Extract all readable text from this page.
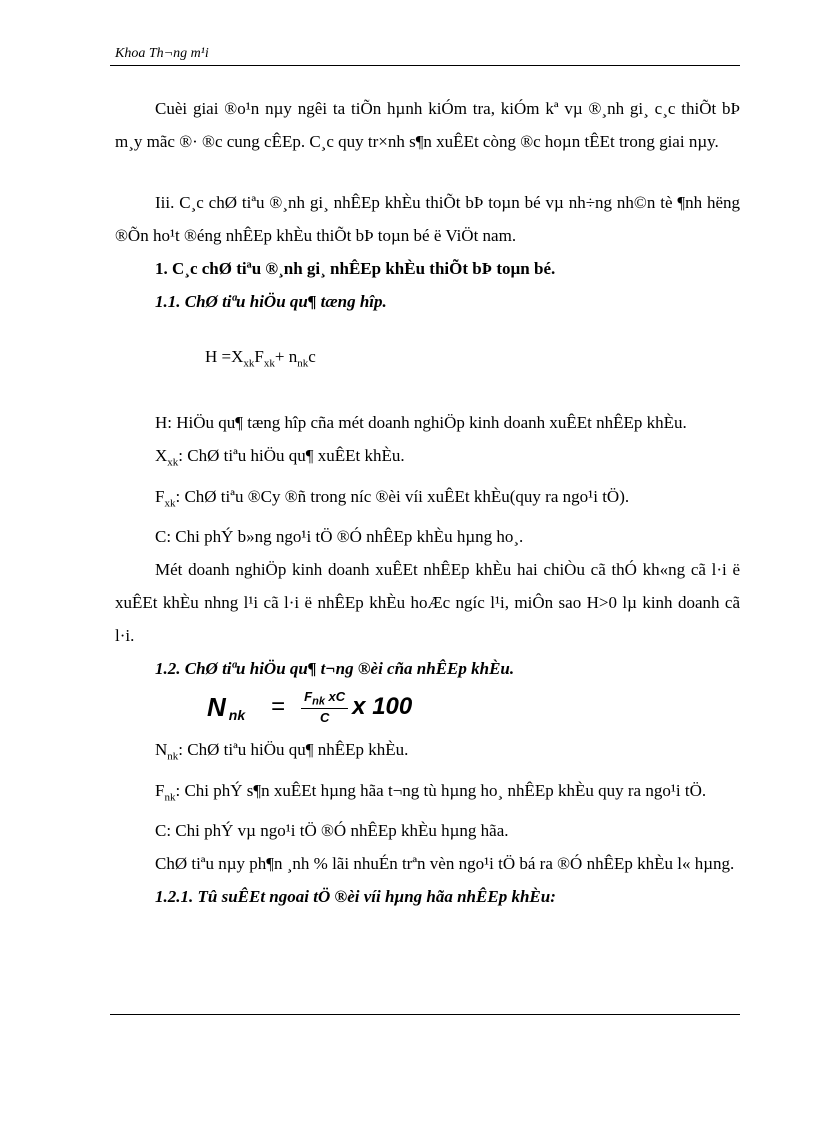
Khoa Th¬ng m¹i

Cuèi giai ®o¹n nµy ngêi ta tiÕn hµnh kiÓm tra, kiÓm kª vµ ®¸nh gi¸ c¸c thiÕt bÞ m¸y mãc ®· ®c cung cÊEp. C¸c quy tr×nh s¶n xuÊEt còng ®c hoµn tÊEt trong giai nµy.

Iii. C¸c chØ tiªu ®¸nh gi¸ nhÊEp khÈu thiÕt bÞ toµn bé vµ nh÷ng nh©n tè ¶nh hëng ®Õn ho¹t ®éng nhÊEp khÈu thiÕt bÞ toµn bé ë ViÖt nam.

1. C¸c chØ tiªu ®¸nh gi¸ nhÊEp khÈu thiÕt bÞ toµn bé.

1.1. ChØ tiªu hiÖu qu¶ tæng hîp.

$H =X_{xk}F_{xk}+ n_{nk}c$

H: HiÖu qu¶ tæng hîp cña mét doanh nghiÖp kinh doanh xuÊEt nhÊEp khÈu.

$X_{xk}$: ChØ tiªu hiÖu qu¶ xuÊEt khÈu.

$F_{xk}$: ChØ tiªu ®Cy ®ñ trong níc ®èi víi xuÊEt khÈu(quy ra ngo¹i tÖ).

C: Chi phÝ b»ng ngo¹i tÖ ®Ó nhÊEp khÈu hµng ho¸.

Mét doanh nghiÖp kinh doanh xuÊEt nhÊEp khÈu hai chiÒu cã thÓ kh«ng cã l·i ë xuÊEt khÈu nhng l¹i cã l·i ë nhÊEp khÈu hoÆc ngíc l¹i, miÔn sao H>0 lµ kinh doanh cã l·i.

1.2. ChØ tiªu hiÖu qu¶ t¬ng ®èi cña nhÊEp khÈu.

N nk = $\frac{F_{nk} xC}{C}$ x 100

$N_{nk}$: ChØ tiªu hiÖu qu¶ nhÊEp khÈu.

$F_{nk}$: Chi phÝ s¶n xuÊEt hµng hãa t¬ng tù hµng ho¸ nhÊEp khÈu quy ra ngo¹i tÖ.

C: Chi phÝ vµ ngo¹i tÖ ®Ó nhÊEp khÈu hµng hãa.

ChØ tiªu nµy ph¶n ¸nh % lãi nhuÉn trªn vèn ngo¹i tÖ bá ra ®Ó nhÊEp khÈu l« hµng.

1.2.1. Tû suÊEt ngoai tÖ ®èi víi hµng hãa nhÊEp khÈu:
